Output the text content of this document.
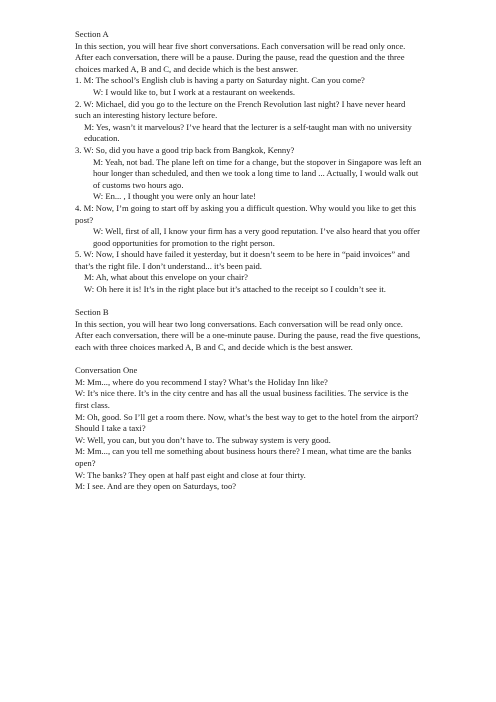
Section A

In this section, you will hear five short conversations. Each conversation will be read only once. After each conversation, there will be a pause. During the pause, read the question and the three choices marked A, B and C, and decide which is the best answer.

1. M: The school’s English club is having a party on Saturday night. Can you come?

W: I would like to, but I work at a restaurant on weekends.

2. W: Michael, did you go to the lecture on the French Revolution last night? I have never heard such an interesting history lecture before.

M: Yes, wasn’t it marvelous? I’ve heard that the lecturer is a self-taught man with no university education.

3. W: So, did you have a good trip back from Bangkok, Kenny?

M: Yeah, not bad. The plane left on time for a change, but the stopover in Singapore was left an hour longer than scheduled, and then we took a long time to land ... Actually, I would walk out of customs two hours ago.

W: En... , I thought you were only an hour late!

4. M: Now, I’m going to start off by asking you a difficult question. Why would you like to get this post?

W: Well, first of all, I know your firm has a very good reputation. I’ve also heard that you offer good opportunities for promotion to the right person.

5. W: Now, I should have failed it yesterday, but it doesn’t seem to be here in “paid invoices” and that’s the right file. I don’t understand... it’s been paid.

M: Ah, what about this envelope on your chair?

W: Oh here it is! It’s in the right place but it’s attached to the receipt so I couldn’t see it.

Section B

In this section, you will hear two long conversations. Each conversation will be read only once. After each conversation, there will be a one-minute pause. During the pause, read the five questions, each with three choices marked A, B and C, and decide which is the best answer.

Conversation One

M: Mm..., where do you recommend I stay? What’s the Holiday Inn like?

W: It’s nice there. It’s in the city centre and has all the usual business facilities. The service is the first class.

M: Oh, good. So I’ll get a room there. Now, what’s the best way to get to the hotel from the airport? Should I take a taxi?

W: Well, you can, but you don’t have to. The subway system is very good.

M: Mm..., can you tell me something about business hours there? I mean, what time are the banks open?

W: The banks? They open at half past eight and close at four thirty.

M: I see. And are they open on Saturdays, too?
